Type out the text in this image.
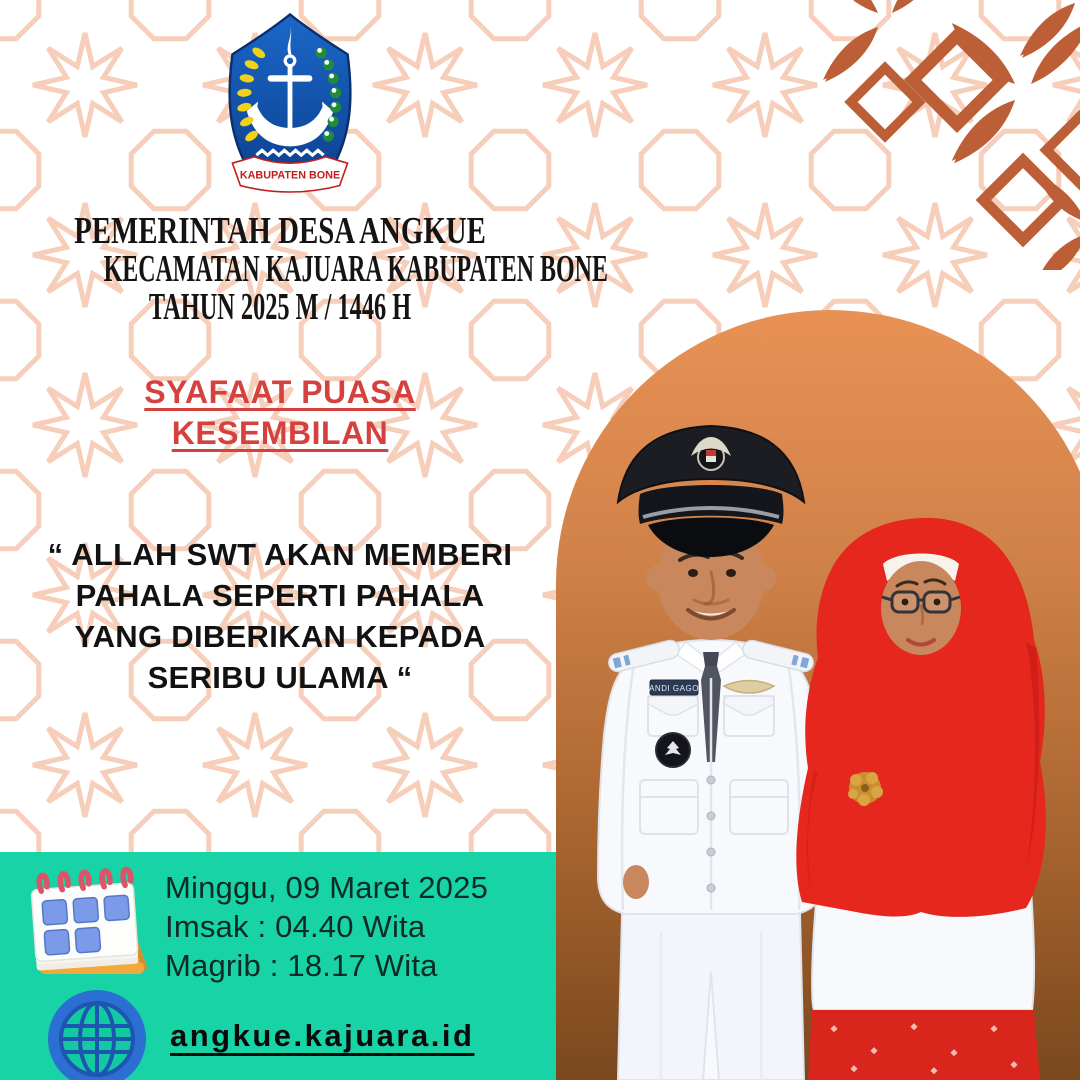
ANDI GAGO
KABUPATEN BONE
PEMERINTAH DESA ANGKUE
KECAMATAN KAJUARA KABUPATEN BONE
TAHUN 2025 M / 1446 H
SYAFAAT PUASA
KESEMBILAN
“ ALLAH SWT AKAN MEMBERI
PAHALA SEPERTI PAHALA
YANG DIBERIKAN KEPADA
SERIBU ULAMA “
Minggu, 09 Maret 2025
Imsak : 04.40 Wita
Magrib : 18.17 Wita
angkue.kajuara.id
